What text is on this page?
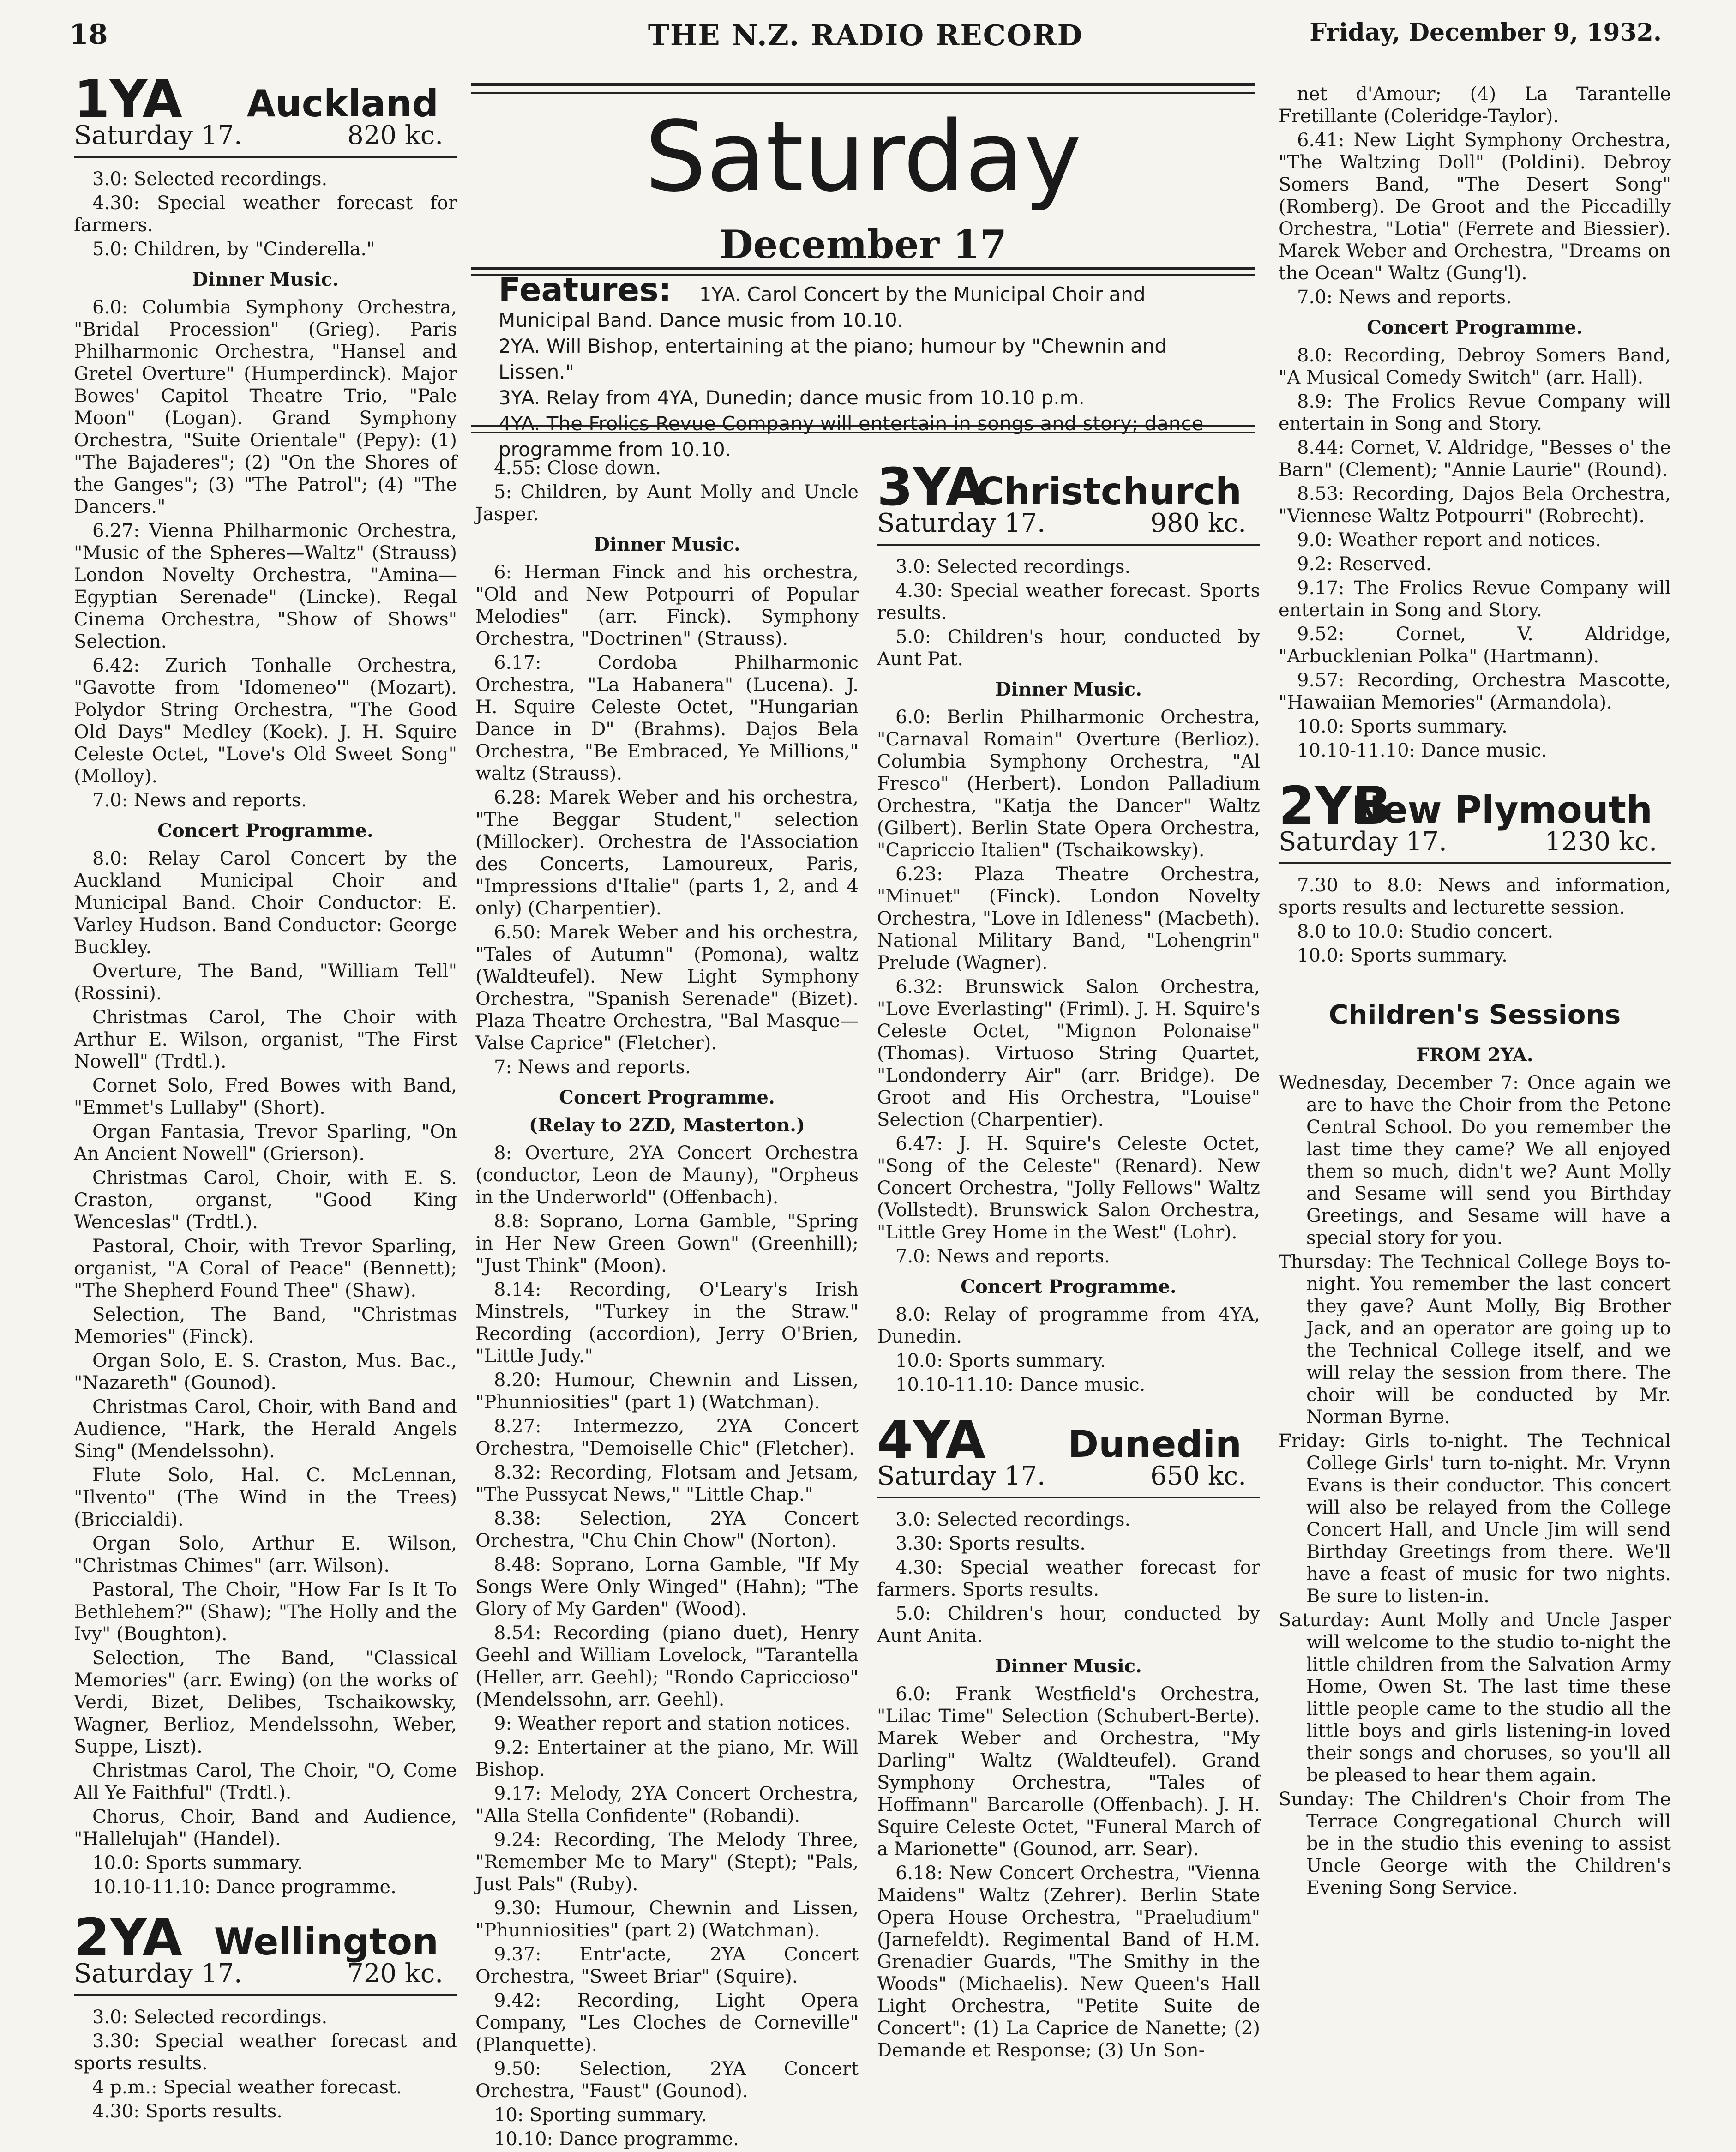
18	THE N.Z. RADIO RECORD	Friday, December 9, 1932.
Saturday
December 17

Features: 1YA. Carol Concert by the Municipal Choir and Municipal Band. Dance music from 10.10.

2YA. Will Bishop, entertaining at the piano; humour by "Chewnin and Lissen."

3YA. Relay from 4YA, Dunedin; dance music from 10.10 p.m.

4YA. The Frolics Revue Company will entertain in songs and story; dance programme from 10.10.

1YA Auckland
Saturday 17.	820 kc.

3.0: Selected recordings.

4.30: Special weather forecast for farmers.

5.0: Children, by "Cinderella."

Dinner Music.

6.0: Columbia Symphony Orchestra, "Bridal Procession" (Grieg). Paris Philharmonic Orchestra, "Hansel and Gretel Overture" (Humperdinck). Major Bowes' Capitol Theatre Trio, "Pale Moon" (Logan). Grand Symphony Orchestra, "Suite Orientale" (Pepy): (1) "The Bajaderes"; (2) "On the Shores of the Ganges"; (3) "The Patrol"; (4) "The Dancers."

6.27: Vienna Philharmonic Orchestra, "Music of the Spheres—Waltz" (Strauss) London Novelty Orchestra, "Amina—Egyptian Serenade" (Lincke). Regal Cinema Orchestra, "Show of Shows" Selection.

6.42: Zurich Tonhalle Orchestra, "Gavotte from 'Idomeneo'" (Mozart). Polydor String Orchestra, "The Good Old Days" Medley (Koek). J. H. Squire Celeste Octet, "Love's Old Sweet Song" (Molloy).

7.0: News and reports.

Concert Programme.

8.0: Relay Carol Concert by the Auckland Municipal Choir and Municipal Band. Choir Conductor: E. Varley Hudson. Band Conductor: George Buckley.

Overture, The Band, "William Tell" (Rossini).

Christmas Carol, The Choir with Arthur E. Wilson, organist, "The First Nowell" (Trdtl.).

Cornet Solo, Fred Bowes with Band, "Emmet's Lullaby" (Short).

Organ Fantasia, Trevor Sparling, "On An Ancient Nowell" (Grierson).

Christmas Carol, Choir, with E. S. Craston, organst, "Good King Wenceslas" (Trdtl.).

Pastoral, Choir, with Trevor Sparling, organist, "A Coral of Peace" (Bennett); "The Shepherd Found Thee" (Shaw).

Selection, The Band, "Christmas Memories" (Finck).

Organ Solo, E. S. Craston, Mus. Bac., "Nazareth" (Gounod).

Christmas Carol, Choir, with Band and Audience, "Hark, the Herald Angels Sing" (Mendelssohn).

Flute Solo, Hal. C. McLennan, "Ilvento" (The Wind in the Trees) (Briccialdi).

Organ Solo, Arthur E. Wilson, "Christmas Chimes" (arr. Wilson).

Pastoral, The Choir, "How Far Is It To Bethlehem?" (Shaw); "The Holly and the Ivy" (Boughton).

Selection, The Band, "Classical Memories" (arr. Ewing) (on the works of Verdi, Bizet, Delibes, Tschaikowsky, Wagner, Berlioz, Mendelssohn, Weber, Suppe, Liszt).

Christmas Carol, The Choir, "O, Come All Ye Faithful" (Trdtl.).

Chorus, Choir, Band and Audience, "Hallelujah" (Handel).

10.0: Sports summary.

10.10-11.10: Dance programme.

2YA Wellington
Saturday 17.	720 kc.

3.0: Selected recordings.

3.30: Special weather forecast and sports results.

4 p.m.: Special weather forecast.

4.30: Sports results.

4.55: Close down.

5: Children, by Aunt Molly and Uncle Jasper.

Dinner Music.

6: Herman Finck and his orchestra, "Old and New Potpourri of Popular Melodies" (arr. Finck). Symphony Orchestra, "Doctrinen" (Strauss).

6.17: Cordoba Philharmonic Orchestra, "La Habanera" (Lucena). J. H. Squire Celeste Octet, "Hungarian Dance in D" (Brahms). Dajos Bela Orchestra, "Be Embraced, Ye Millions," waltz (Strauss).

6.28: Marek Weber and his orchestra, "The Beggar Student," selection (Millocker). Orchestra de l'Association des Concerts, Lamoureux, Paris, "Impressions d'Italie" (parts 1, 2, and 4 only) (Charpentier).

6.50: Marek Weber and his orchestra, "Tales of Autumn" (Pomona), waltz (Waldteufel). New Light Symphony Orchestra, "Spanish Serenade" (Bizet). Plaza Theatre Orchestra, "Bal Masque—Valse Caprice" (Fletcher).

7: News and reports.

Concert Programme.

(Relay to 2ZD, Masterton.)

8: Overture, 2YA Concert Orchestra (conductor, Leon de Mauny), "Orpheus in the Underworld" (Offenbach).

8.8: Soprano, Lorna Gamble, "Spring in Her New Green Gown" (Greenhill); "Just Think" (Moon).

8.14: Recording, O'Leary's Irish Minstrels, "Turkey in the Straw." Recording (accordion), Jerry O'Brien, "Little Judy."

8.20: Humour, Chewnin and Lissen, "Phunniosities" (part 1) (Watchman).

8.27: Intermezzo, 2YA Concert Orchestra, "Demoiselle Chic" (Fletcher).

8.32: Recording, Flotsam and Jetsam, "The Pussycat News," "Little Chap."

8.38: Selection, 2YA Concert Orchestra, "Chu Chin Chow" (Norton).

8.48: Soprano, Lorna Gamble, "If My Songs Were Only Winged" (Hahn); "The Glory of My Garden" (Wood).

8.54: Recording (piano duet), Henry Geehl and William Lovelock, "Tarantella (Heller, arr. Geehl); "Rondo Capriccioso" (Mendelssohn, arr. Geehl).

9: Weather report and station notices.

9.2: Entertainer at the piano, Mr. Will Bishop.

9.17: Melody, 2YA Concert Orchestra, "Alla Stella Confidente" (Robandi).

9.24: Recording, The Melody Three, "Remember Me to Mary" (Stept); "Pals, Just Pals" (Ruby).

9.30: Humour, Chewnin and Lissen, "Phunniosities" (part 2) (Watchman).

9.37: Entr'acte, 2YA Concert Orchestra, "Sweet Briar" (Squire).

9.42: Recording, Light Opera Company, "Les Cloches de Corneville" (Planquette).

9.50: Selection, 2YA Concert Orchestra, "Faust" (Gounod).

10: Sporting summary.

10.10: Dance programme.

3YA
Christchurch
Saturday 17.	980 kc.

3.0: Selected recordings.

4.30: Special weather forecast. Sports results.

5.0: Children's hour, conducted by Aunt Pat.

Dinner Music.

6.0: Berlin Philharmonic Orchestra, "Carnaval Romain" Overture (Berlioz). Columbia Symphony Orchestra, "Al Fresco" (Herbert). London Palladium Orchestra, "Katja the Dancer" Waltz (Gilbert). Berlin State Opera Orchestra, "Capriccio Italien" (Tschaikowsky).

6.23: Plaza Theatre Orchestra, "Minuet" (Finck). London Novelty Orchestra, "Love in Idleness" (Macbeth). National Military Band, "Lohengrin" Prelude (Wagner).

6.32: Brunswick Salon Orchestra, "Love Everlasting" (Friml). J. H. Squire's Celeste Octet, "Mignon Polonaise" (Thomas). Virtuoso String Quartet, "Londonderry Air" (arr. Bridge). De Groot and His Orchestra, "Louise" Selection (Charpentier).

6.47: J. H. Squire's Celeste Octet, "Song of the Celeste" (Renard). New Concert Orchestra, "Jolly Fellows" Waltz (Vollstedt). Brunswick Salon Orchestra, "Little Grey Home in the West" (Lohr).

7.0: News and reports.

Concert Programme.

8.0: Relay of programme from 4YA, Dunedin.

10.0: Sports summary.

10.10-11.10: Dance music.

4YA Dunedin
Saturday 17.	650 kc.

3.0: Selected recordings.

3.30: Sports results.

4.30: Special weather forecast for farmers. Sports results.

5.0: Children's hour, conducted by Aunt Anita.

Dinner Music.

6.0: Frank Westfield's Orchestra, "Lilac Time" Selection (Schubert-Berte). Marek Weber and Orchestra, "My Darling" Waltz (Waldteufel). Grand Symphony Orchestra, "Tales of Hoffmann" Barcarolle (Offenbach). J. H. Squire Celeste Octet, "Funeral March of a Marionette" (Gounod, arr. Sear).

6.18: New Concert Orchestra, "Vienna Maidens" Waltz (Zehrer). Berlin State Opera House Orchestra, "Praeludium" (Jarnefeldt). Regimental Band of H.M. Grenadier Guards, "The Smithy in the Woods" (Michaelis). New Queen's Hall Light Orchestra, "Petite Suite de Concert": (1) La Caprice de Nanette; (2) Demande et Response; (3) Un Son-

net d'Amour; (4) La Tarantelle Fretillante (Coleridge-Taylor).

6.41: New Light Symphony Orchestra, "The Waltzing Doll" (Poldini). Debroy Somers Band, "The Desert Song" (Romberg). De Groot and the Piccadilly Orchestra, "Lotia" (Ferrete and Biessier). Marek Weber and Orchestra, "Dreams on the Ocean" Waltz (Gung'l).

7.0: News and reports.

Concert Programme.

8.0: Recording, Debroy Somers Band, "A Musical Comedy Switch" (arr. Hall).

8.9: The Frolics Revue Company will entertain in Song and Story.

8.44: Cornet, V. Aldridge, "Besses o' the Barn" (Clement); "Annie Laurie" (Round).

8.53: Recording, Dajos Bela Orchestra, "Viennese Waltz Potpourri" (Robrecht).

9.0: Weather report and notices.

9.2: Reserved.

9.17: The Frolics Revue Company will entertain in Song and Story.

9.52: Cornet, V. Aldridge, "Arbucklenian Polka" (Hartmann).

9.57: Recording, Orchestra Mascotte, "Hawaiian Memories" (Armandola).

10.0: Sports summary.

10.10-11.10: Dance music.

2YB
New Plymouth
Saturday 17.	1230 kc.

7.30 to 8.0: News and information, sports results and lecturette session.

8.0 to 10.0: Studio concert.

10.0: Sports summary.

Children's Sessions

FROM 2YA.

Wednesday, December 7: Once again we are to have the Choir from the Petone Central School. Do you remember the last time they came? We all enjoyed them so much, didn't we? Aunt Molly and Sesame will send you Birthday Greetings, and Sesame will have a special story for you.

Thursday: The Technical College Boys to-night. You remember the last concert they gave? Aunt Molly, Big Brother Jack, and an operator are going up to the Technical College itself, and we will relay the session from there. The choir will be conducted by Mr. Norman Byrne.

Friday: Girls to-night. The Technical College Girls' turn to-night. Mr. Vrynn Evans is their conductor. This concert will also be relayed from the College Concert Hall, and Uncle Jim will send Birthday Greetings from there. We'll have a feast of music for two nights. Be sure to listen-in.

Saturday: Aunt Molly and Uncle Jasper will welcome to the studio to-night the little children from the Salvation Army Home, Owen St. The last time these little people came to the studio all the little boys and girls listening-in loved their songs and choruses, so you'll all be pleased to hear them again.

Sunday: The Children's Choir from The Terrace Congregational Church will be in the studio this evening to assist Uncle George with the Children's Evening Song Service.
